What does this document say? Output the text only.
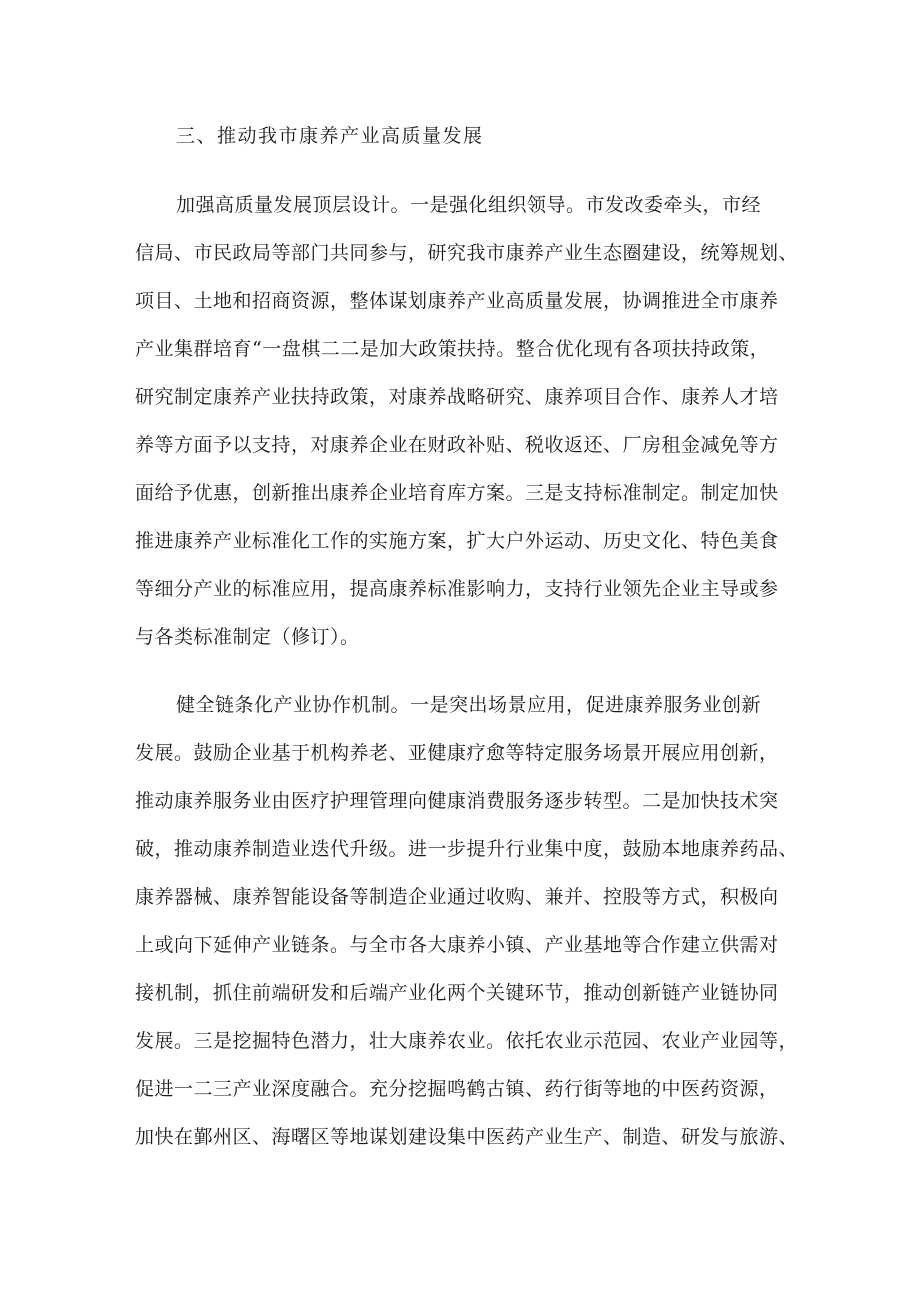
三、推动我市康养产业高质量发展
加强高质量发展顶层设计。一是强化组织领导。市发改委牵头，市经
信局、市民政局等部门共同参与，研究我市康养产业生态圈建设，统筹规划、
项目、土地和招商资源，整体谋划康养产业高质量发展，协调推进全市康养
产业集群培育“一盘棋二二是加大政策扶持。整合优化现有各项扶持政策，
研究制定康养产业扶持政策，对康养战略研究、康养项目合作、康养人才培
养等方面予以支持，对康养企业在财政补贴、税收返还、厂房租金减免等方
面给予优惠，创新推出康养企业培育库方案。三是支持标准制定。制定加快
推进康养产业标准化工作的实施方案，扩大户外运动、历史文化、特色美食
等细分产业的标准应用，提高康养标准影响力，支持行业领先企业主导或参
与各类标准制定（修订）。
健全链条化产业协作机制。一是突出场景应用，促进康养服务业创新
发展。鼓励企业基于机构养老、亚健康疗愈等特定服务场景开展应用创新，
推动康养服务业由医疗护理管理向健康消费服务逐步转型。二是加快技术突
破，推动康养制造业迭代升级。进一步提升行业集中度，鼓励本地康养药品、
康养器械、康养智能设备等制造企业通过收购、兼并、控股等方式，积极向
上或向下延伸产业链条。与全市各大康养小镇、产业基地等合作建立供需对
接机制，抓住前端研发和后端产业化两个关键环节，推动创新链产业链协同
发展。三是挖掘特色潜力，壮大康养农业。依托农业示范园、农业产业园等，
促进一二三产业深度融合。充分挖掘鸣鹤古镇、药行街等地的中医药资源，
加快在鄞州区、海曙区等地谋划建设集中医药产业生产、制造、研发与旅游、
